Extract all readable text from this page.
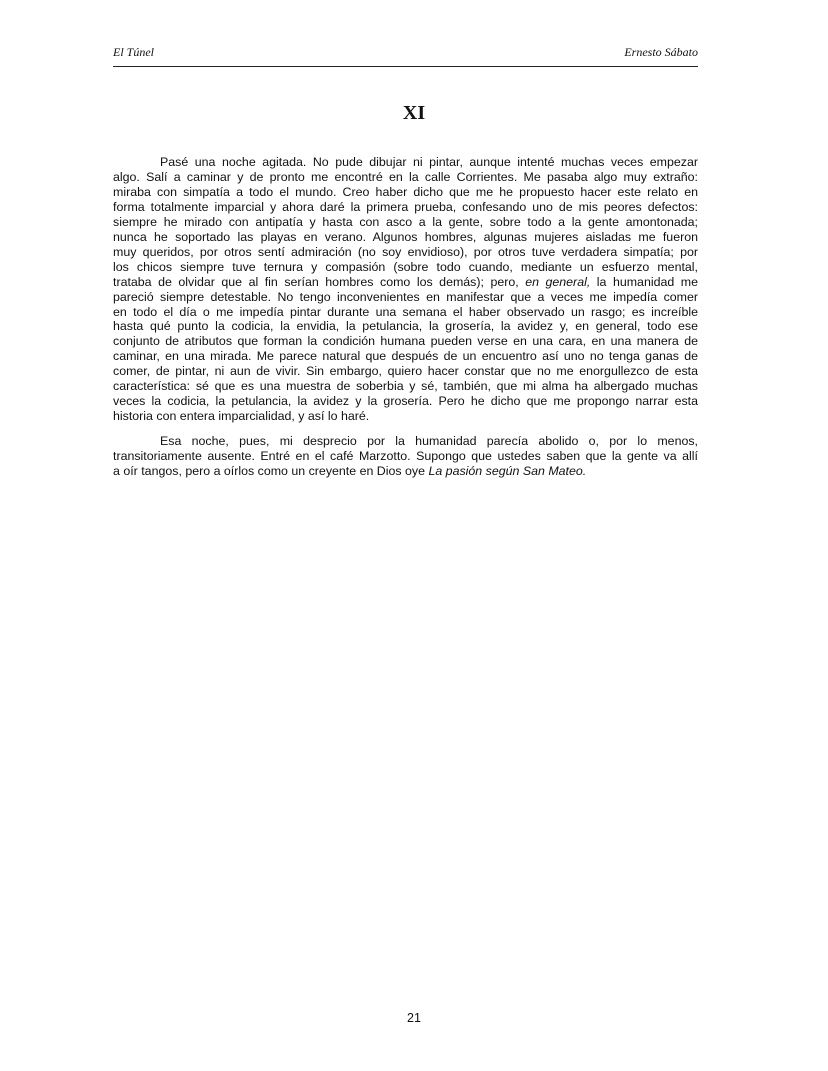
El Túnel	Ernesto Sábato
XI
Pasé una noche agitada. No pude dibujar ni pintar, aunque intenté muchas veces empezar
algo. Salí a caminar y de pronto me encontré en la calle Corrientes. Me pasaba algo muy extraño:
miraba con simpatía a todo el mundo. Creo haber dicho que me he propuesto hacer este relato en
forma totalmente imparcial y ahora daré la primera prueba, confesando uno de mis peores defectos:
siempre he mirado con antipatía y hasta con asco a la gente, sobre todo a la gente amontonada;
nunca he soportado las playas en verano. Algunos hombres, algunas mujeres aisladas me fueron
muy queridos, por otros sentí admiración (no soy envidioso), por otros tuve verdadera simpatía; por
los chicos siempre tuve ternura y compasión (sobre todo cuando, mediante un esfuerzo mental,
trataba de olvidar que al fin serían hombres como los demás); pero, en general, la humanidad me
pareció siempre detestable. No tengo inconvenientes en manifestar que a veces me impedía comer
en todo el día o me impedía pintar durante una semana el haber observado un rasgo; es increíble
hasta qué punto la codicia, la envidia, la petulancia, la grosería, la avidez y, en general, todo ese
conjunto de atributos que forman la condición humana pueden verse en una cara, en una manera de
caminar, en una mirada. Me parece natural que después de un encuentro así uno no tenga ganas de
comer, de pintar, ni aun de vivir. Sin embargo, quiero hacer constar que no me enorgullezco de esta
característica: sé que es una muestra de soberbia y sé, también, que mi alma ha albergado muchas
veces la codicia, la petulancia, la avidez y la grosería. Pero he dicho que me propongo narrar esta
historia con entera imparcialidad, y así lo haré.
Esa noche, pues, mi desprecio por la humanidad parecía abolido o, por lo menos,
transitoriamente ausente. Entré en el café Marzotto. Supongo que ustedes saben que la gente va allí
a oír tangos, pero a oírlos como un creyente en Dios oye La pasión según San Mateo.
21
